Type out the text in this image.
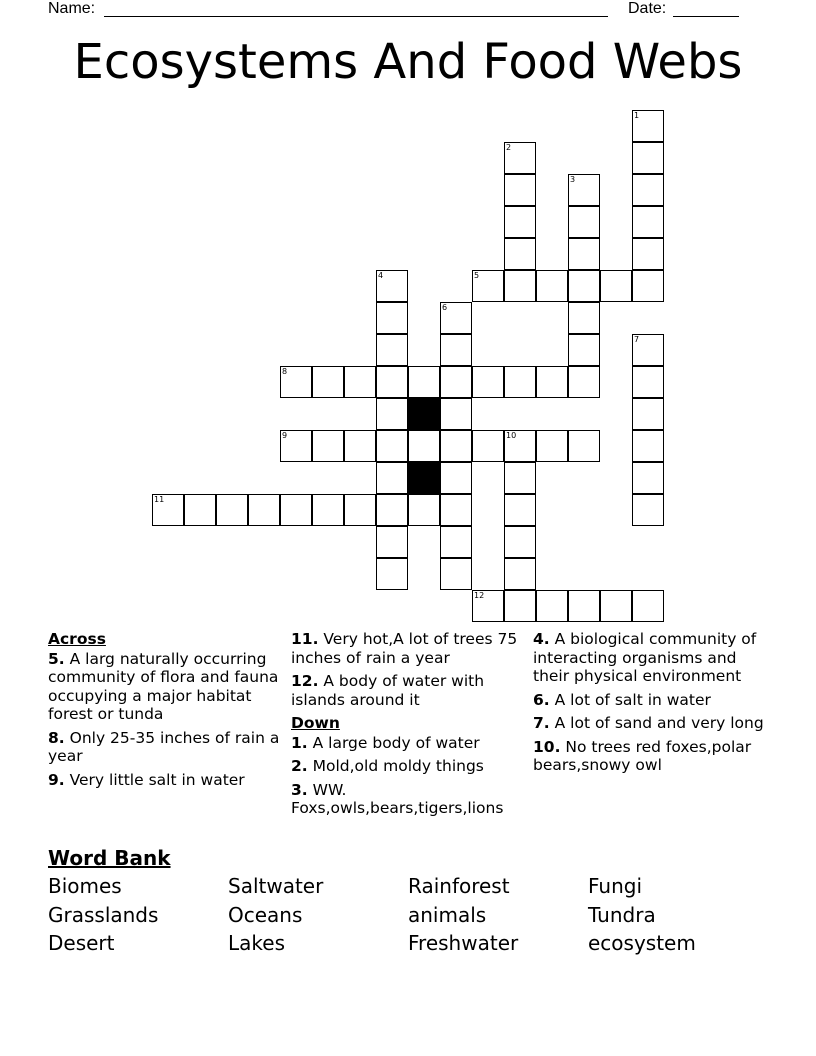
Name:	Date:
Ecosystems And Food Webs
1
2
3
4
6
7
10
5
8
9
11
12
Across
5. A larg naturally occurring community of flora and fauna occupying a major habitat forest or tunda
8. Only 25-35 inches of rain a year
9. Very little salt in water
11. Very hot,A lot of trees 75 inches of rain a year
12. A body of water with islands around it
Down
1. A large body of water
2. Mold,old moldy things
3. WW. Foxs,owls,bears,tigers,lions
4. A biological community of interacting organisms and their physical environment
6. A lot of salt in water
7. A lot of sand and very long
10. No trees red foxes,polar bears,snowy owl
Word Bank
Biomes	Saltwater	Rainforest	Fungi
Grasslands	Oceans	animals	Tundra
Desert	Lakes	Freshwater	ecosystem
